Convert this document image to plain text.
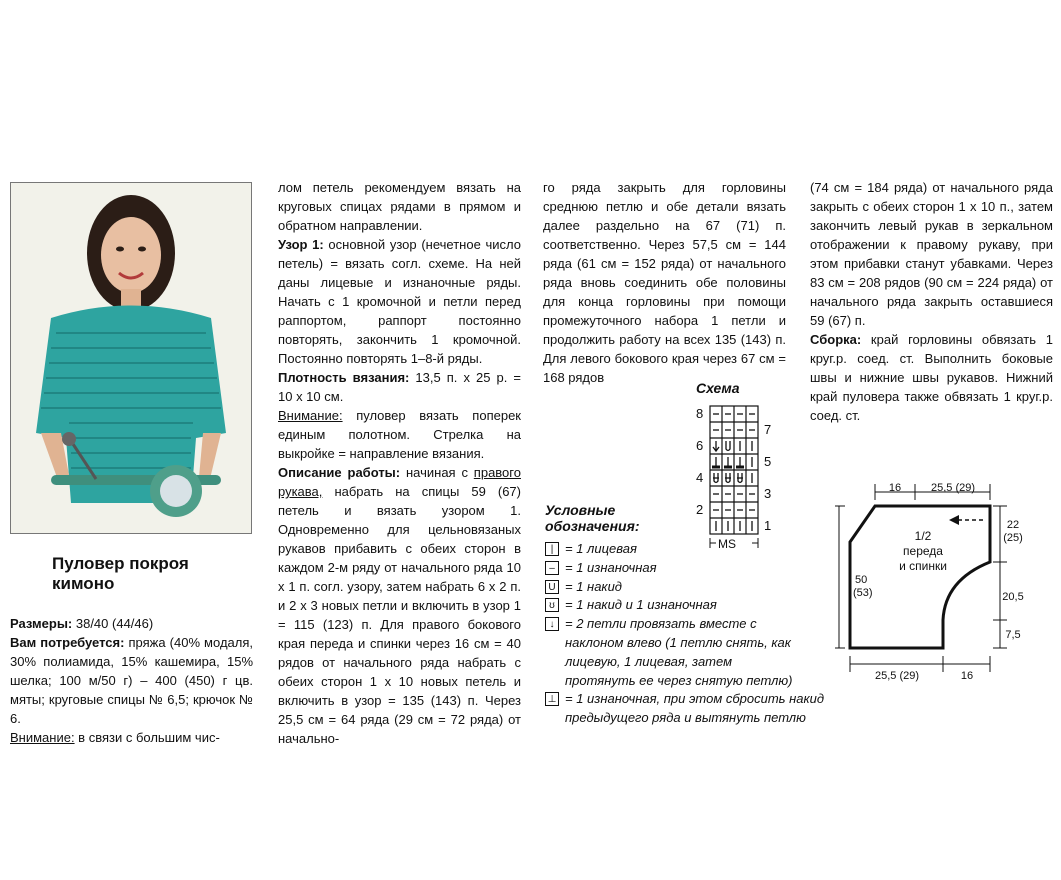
Пуловер покроя
кимоно

Размеры: 38/40 (44/46)

Вам потребуется: пряжа (40% модаля, 30% полиамида, 15% кашемира, 15% шелка; 100 м/50 г) – 400 (450) г цв. мяты; круговые спицы № 6,5; крючок № 6.

Внимание: в связи с большим чис-

лом петель рекомендуем вязать на круговых спицах рядами в прямом и обратном направлении.

Узор 1: основной узор (нечетное число петель) = вязать согл. схеме. На ней даны лицевые и изнаночные ряды. Начать с 1 кромочной и петли перед раппортом, раппорт постоянно повторять, закончить 1 кромочной. Постоянно повторять 1–8-й ряды.

Плотность вязания: 13,5 п. х 25 р. = 10 х 10 см.

Внимание: пуловер вязать поперек единым полотном. Стрелка на выкройке = направление вязания.

Описание работы: начиная с правого рукава, набрать на спицы 59 (67) петель и вязать узором 1. Одновременно для цельновязаных рукавов прибавить с обеих сторон в каждом 2-м ряду от начального ряда 10 х 1 п. согл. узору, затем набрать 6 х 2 п. и 2 х 3 новых петли и включить в узор 1 = 115 (123) п. Для правого бокового края переда и спинки через 16 см = 40 рядов от начального ряда набрать с обеих сторон 1 х 10 новых петель и включить в узор = 135 (143) п. Через 25,5 см = 64 ряда (29 см = 72 ряда) от начально-

го ряда закрыть для горловины среднюю петлю и обе детали вязать далее раздельно на 67 (71) п. соответственно. Через 57,5 см = 144 ряда (61 см = 152 ряда) от начального ряда вновь соединить обе половины для конца горловины при помощи промежуточного набора 1 петли и продолжить работу на всех 135 (143) п. Для левого бокового края через 67 см = 168 рядов

(74 см = 184 ряда) от начального ряда закрыть с обеих сторон 1 х 10 п., затем закончить левый рукав в зеркальном отображении к правому рукаву, при этом прибавки станут убавками. Через 83 см = 208 рядов (90 см = 224 ряда) от начального ряда закрыть оставшиеся 59 (67) п.

Сборка: край горловины обвязать 1 круг.р. соед. ст. Выполнить боковые швы и нижние швы рукавов. Нижний край пуловера также обвязать 1 круг.р. соед. ст.

Схема
8
6
4
2
7
5
3
1
MS
Условные
обозначения:
| = 1 лицевая
– = 1 изнаночная
U = 1 накид
ʊ = 1 накид и 1 изнаночная
↓ = 2 петли провязать вместе с
наклоном влево (1 петлю снять, как
лицевую, 1 лицевая, затем
протянуть ее через снятую петлю)
⊥ = 1 изнаночная, при этом сбросить накид
предыдущего ряда и вытянуть петлю
16	25,5 (29)
22
(25)
20,5
7,5
50
(53)
25,5 (29)	16
1/2
переда
и спинки
